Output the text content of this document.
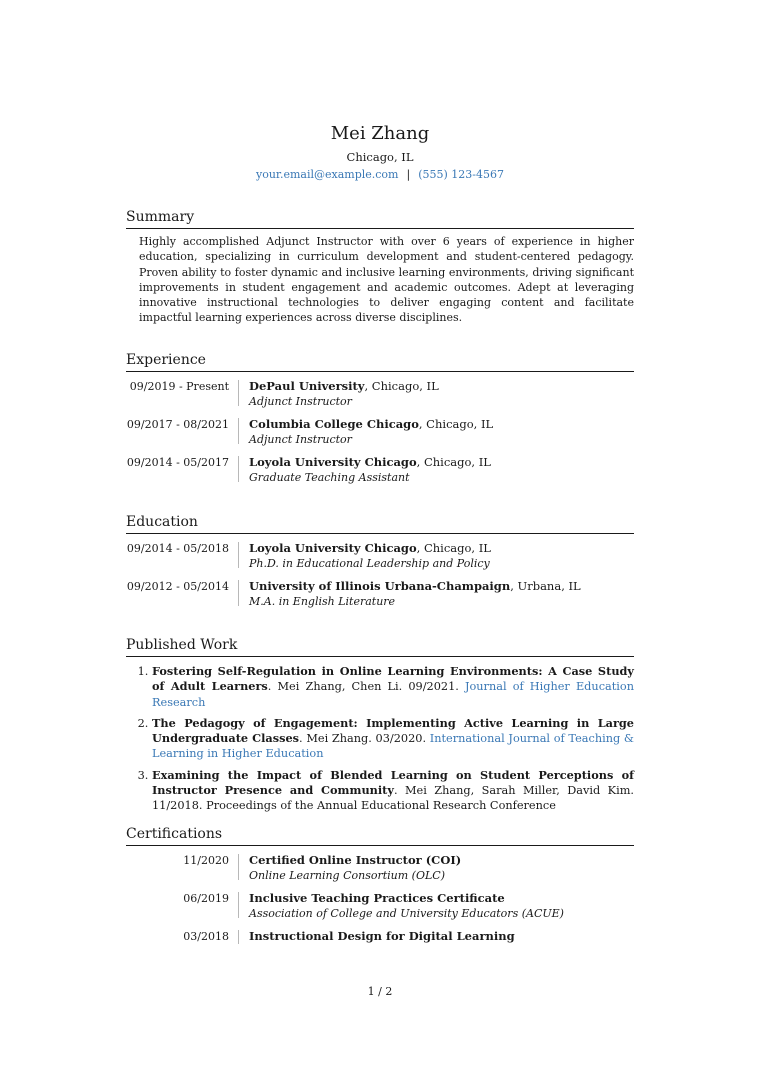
Mei Zhang
Chicago, IL
your.email@example.com | (555) 123-4567
Summary

Highly accomplished Adjunct Instructor with over 6 years of experience in higher education, specializing in curriculum development and student-centered pedagogy. Proven ability to foster dynamic and inclusive learning environments, driving significant improvements in student engagement and academic outcomes. Adept at leveraging innovative instructional technologies to deliver engaging content and facilitate impactful learning experiences across diverse disciplines.

Experience
09/2019 - Present	DePaul University, Chicago, IL
Adjunct Instructor
09/2017 - 08/2021	Columbia College Chicago, Chicago, IL
Adjunct Instructor
09/2014 - 05/2017	Loyola University Chicago, Chicago, IL
Graduate Teaching Assistant
Education
09/2014 - 05/2018	Loyola University Chicago, Chicago, IL
Ph.D. in Educational Leadership and Policy
09/2012 - 05/2014	University of Illinois Urbana-Champaign, Urbana, IL
M.A. in English Literature
Published Work
1. Fostering Self-Regulation in Online Learning Environments: A Case Study of Adult Learners. Mei Zhang, Chen Li. 09/2021. Journal of Higher Education Research
2. The Pedagogy of Engagement: Implementing Active Learning in Large Undergraduate Classes. Mei Zhang. 03/2020. International Journal of Teaching & Learning in Higher Education
3. Examining the Impact of Blended Learning on Student Perceptions of Instructor Presence and Community. Mei Zhang, Sarah Miller, David Kim. 11/2018. Proceedings of the Annual Educational Research Conference
Certifications
11/2020	Certified Online Instructor (COI)
Online Learning Consortium (OLC)
06/2019	Inclusive Teaching Practices Certificate
Association of College and University Educators (ACUE)
03/2018	Instructional Design for Digital Learning
1 / 2
